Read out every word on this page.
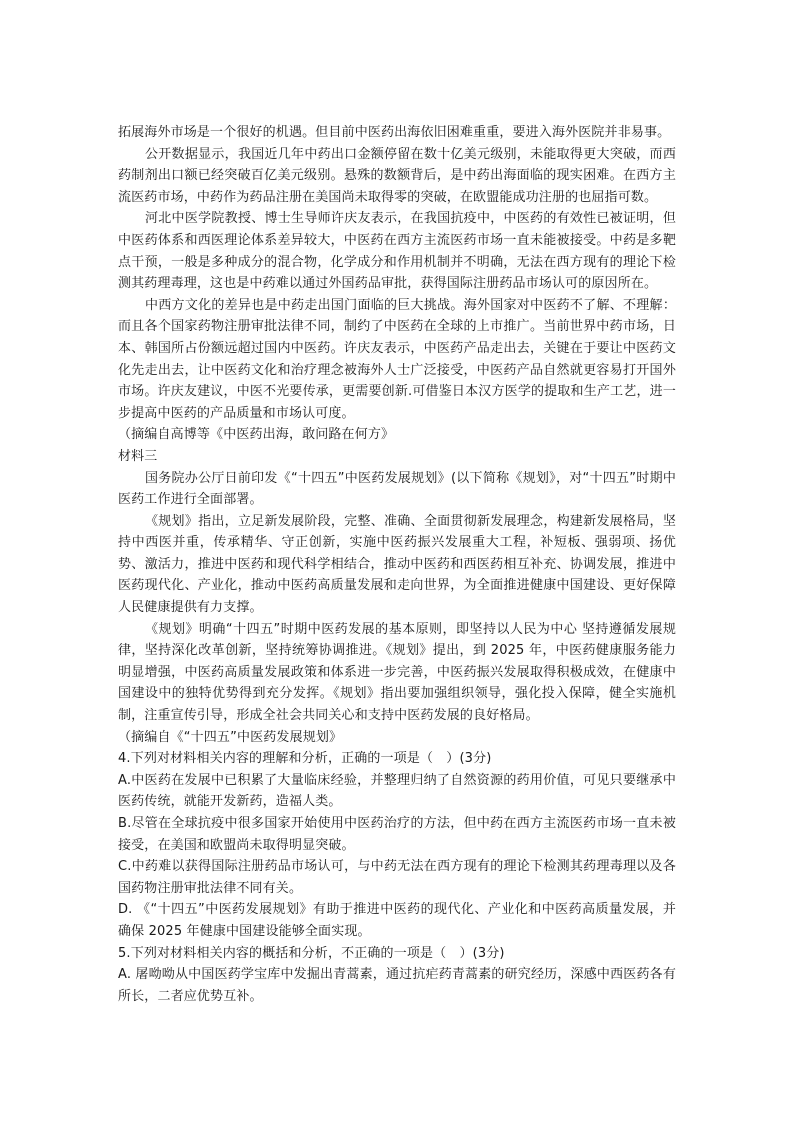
拓展海外市场是一个很好的机遇。但目前中医药出海依旧困难重重，要进入海外医院并非易事。

公开数据显示，我国近几年中药出口金额停留在数十亿美元级别，未能取得更大突破，而西药制剂出口额已经突破百亿美元级别。悬殊的数额背后，是中药出海面临的现实困难。在西方主流医药市场，中药作为药品注册在美国尚未取得零的突破，在欧盟能成功注册的也屈指可数。

河北中医学院教授、博士生导师许庆友表示，在我国抗疫中，中医药的有效性已被证明，但中医药体系和西医理论体系差异较大，中医药在西方主流医药市场一直未能被接受。中药是多靶点干预，一般是多种成分的混合物，化学成分和作用机制并不明确，无法在西方现有的理论下检测其药理毒理，这也是中药难以通过外国药品审批，获得国际注册药品市场认可的原因所在。

中西方文化的差异也是中药走出国门面临的巨大挑战。海外国家对中医药不了解、不理解：而且各个国家药物注册审批法律不同，制约了中医药在全球的上市推广。当前世界中药市场，日本、韩国所占份额远超过国内中医药。许庆友表示，中医药产品走出去，关键在于要让中医药文化先走出去，让中医药文化和治疗理念被海外人士广泛接受，中医药产品自然就更容易打开国外市场。许庆友建议，中医不光要传承，更需要创新.可借鉴日本汉方医学的提取和生产工艺，进一步提高中医药的产品质量和市场认可度。

（摘编自高博等《中医药出海，敢问路在何方》

材料三

国务院办公厅日前印发《“十四五”中医药发展规划》(以下简称《规划》，对“十四五”时期中医药工作进行全面部署。

《规划》指出，立足新发展阶段，完整、准确、全面贯彻新发展理念，构建新发展格局，坚持中西医并重，传承精华、守正创新，实施中医药振兴发展重大工程，补短板、强弱项、扬优势、激活力，推进中医药和现代科学相结合，推动中医药和西医药相互补充、协调发展，推进中医药现代化、产业化，推动中医药高质量发展和走向世界，为全面推进健康中国建设、更好保障人民健康提供有力支撑。

《规划》明确“十四五”时期中医药发展的基本原则，即坚持以人民为中心 坚持遵循发展规律，坚持深化改革创新，坚持统筹协调推进。《规划》提出，到 2025 年，中医药健康服务能力明显增强，中医药高质量发展政策和体系进一步完善，中医药振兴发展取得积极成效，在健康中国建设中的独特优势得到充分发挥。《规划》指出要加强组织领导，强化投入保障，健全实施机制，注重宣传引导，形成全社会共同关心和支持中医药发展的良好格局。

（摘编自《“十四五”中医药发展规划》

4.下列对材料相关内容的理解和分析，正确的一项是（　）(3分)

A.中医药在发展中已积累了大量临床经验，并整理归纳了自然资源的药用价值，可见只要继承中医药传统，就能开发新药，造福人类。

B.尽管在全球抗疫中很多国家开始使用中医药治疗的方法，但中药在西方主流医药市场一直未被接受，在美国和欧盟尚未取得明显突破。

C.中药难以获得国际注册药品市场认可，与中药无法在西方现有的理论下检测其药理毒理以及各国药物注册审批法律不同有关。

D. 《“十四五”中医药发展规划》有助于推进中医药的现代化、产业化和中医药高质量发展，并确保 2025 年健康中国建设能够全面实现。

5.下列对材料相关内容的概括和分析，不正确的一项是（　）(3分)

A. 屠呦呦从中国医药学宝库中发掘出青蒿素，通过抗疟药青蒿素的研究经历，深感中西医药各有所长，二者应优势互补。
